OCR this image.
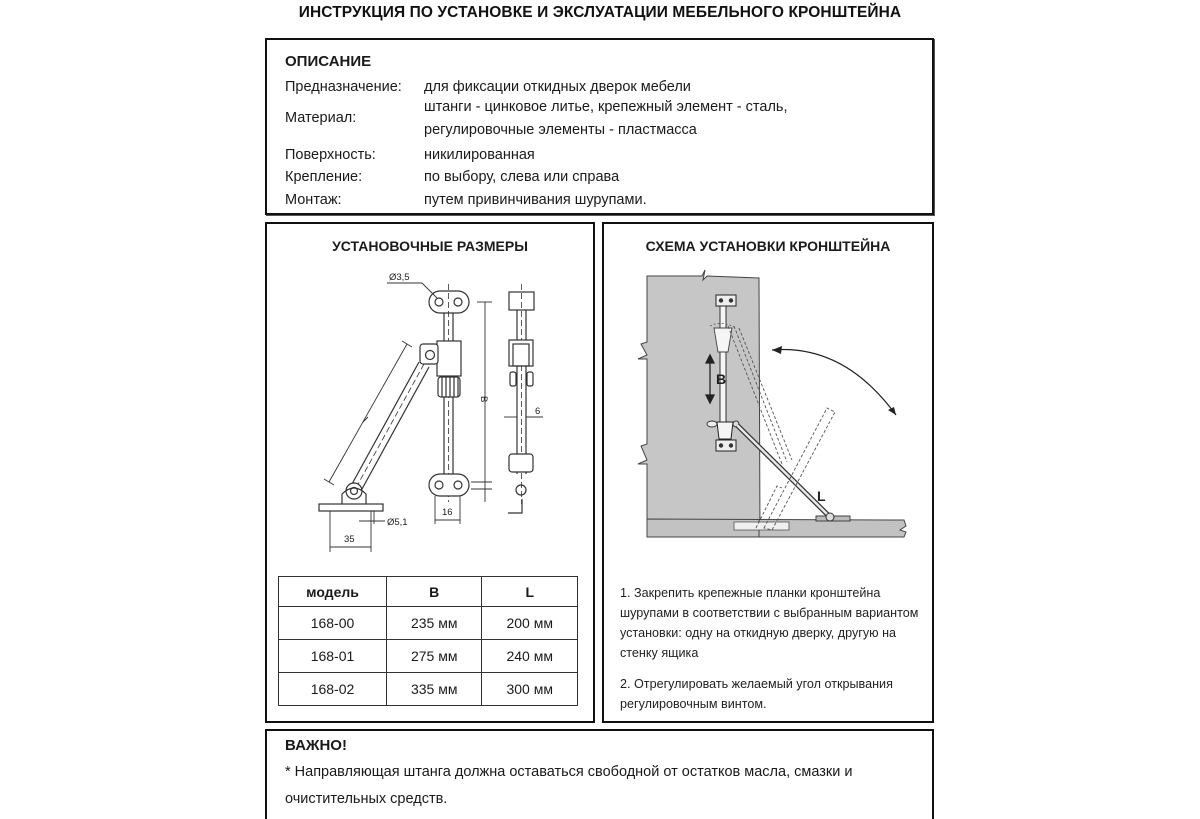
ИНСТРУКЦИЯ ПО УСТАНОВКЕ И ЭКСЛУАТАЦИИ МЕБЕЛЬНОГО КРОНШТЕЙНА
ОПИСАНИЕ
Предназначение: для фиксации откидных дверок мебели
Материал:
штанги - цинковое литье, крепежный элемент - сталь,
регулировочные элементы - пластмасса
Поверхность:	никилированная
Крепление:	по выбору, слева или справа
Монтаж:	путем привинчивания шурупами.
УСТАНОВОЧНЫЕ РАЗМЕРЫ
Ø3,5
Ø5,1
35
16
6
B
модель	B	L
168-00	235 мм	200 мм
168-01	275 мм	240 мм
168-02	335 мм	300 мм
СХЕМА УСТАНОВКИ КРОНШТЕЙНА
B
L

1. Закрепить крепежные планки кронштейна шурупами в соответствии с выбранным вариантом установки: одну на откидную дверку, другую на стенку ящика

2. Отрегулировать желаемый угол открывания регулировочным винтом.

ВАЖНО!
* Направляющая штанга должна оставаться свободной от остатков масла, смазки и очистительных средств.
